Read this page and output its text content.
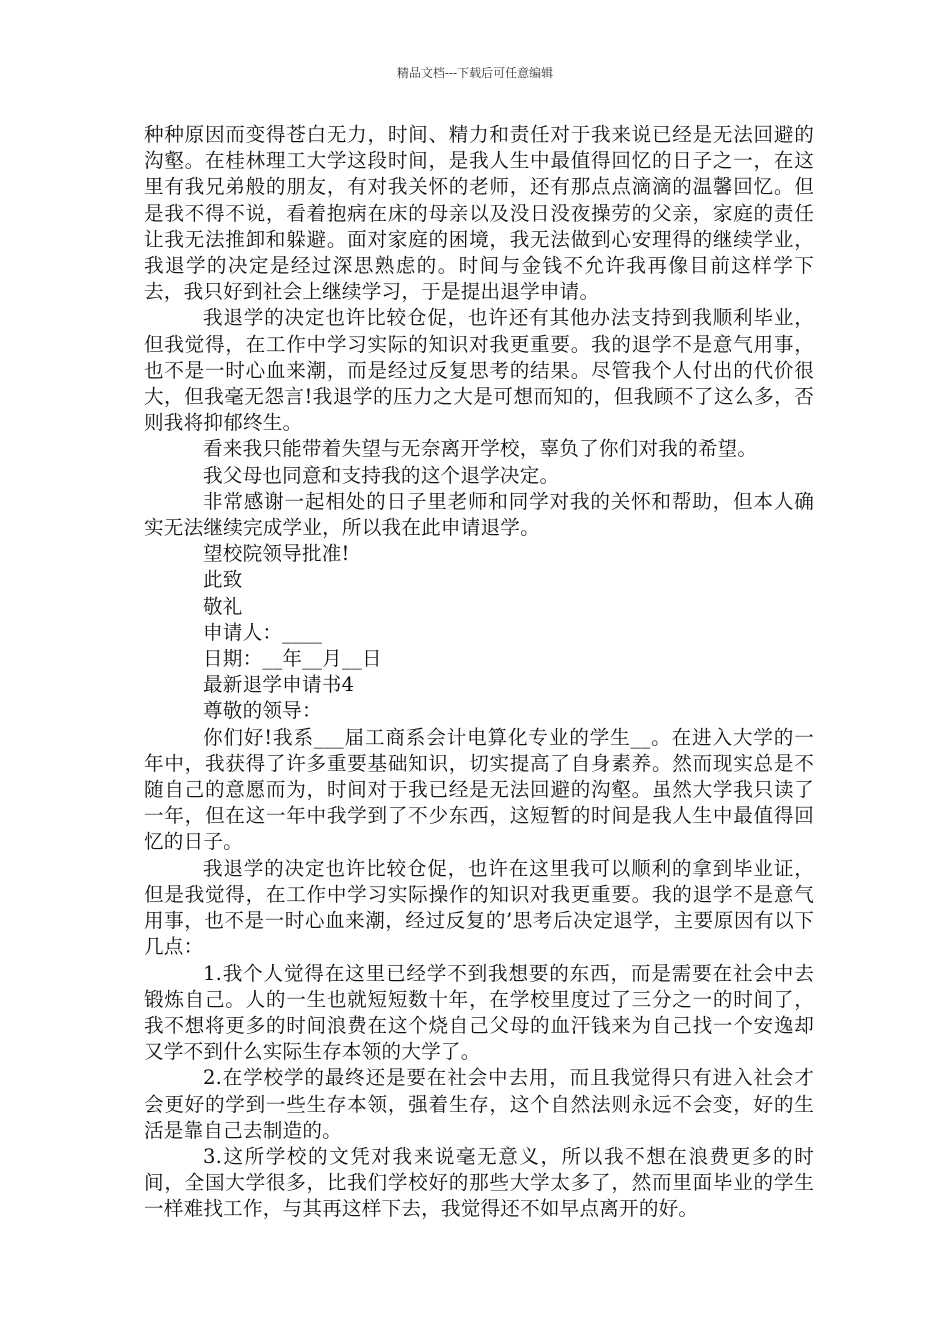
精品文档---下载后可任意编辑

种种原因而变得苍白无力，时间、精力和责任对于我来说已经是无法回避的沟壑。在桂林理工大学这段时间，是我人生中最值得回忆的日子之一，在这里有我兄弟般的朋友，有对我关怀的老师，还有那点点滴滴的温馨回忆。但是我不得不说，看着抱病在床的母亲以及没日没夜操劳的父亲，家庭的责任让我无法推卸和躲避。面对家庭的困境，我无法做到心安理得的继续学业，我退学的决定是经过深思熟虑的。时间与金钱不允许我再像目前这样学下去，我只好到社会上继续学习，于是提出退学申请。

我退学的决定也许比较仓促，也许还有其他办法支持到我顺利毕业，但我觉得，在工作中学习实际的知识对我更重要。我的退学不是意气用事，也不是一时心血来潮，而是经过反复思考的结果。尽管我个人付出的代价很大，但我毫无怨言!我退学的压力之大是可想而知的，但我顾不了这么多，否则我将抑郁终生。

看来我只能带着失望与无奈离开学校，辜负了你们对我的希望。

我父母也同意和支持我的这个退学决定。

非常感谢一起相处的日子里老师和同学对我的关怀和帮助，但本人确实无法继续完成学业，所以我在此申请退学。

望校院领导批准!

此致

敬礼

申请人：____

日期：__年__月__日

最新退学申请书4

尊敬的领导：

你们好!我系___届工商系会计电算化专业的学生__。在进入大学的一年中，我获得了许多重要基础知识，切实提高了自身素养。然而现实总是不随自己的意愿而为，时间对于我已经是无法回避的沟壑。虽然大学我只读了一年，但在这一年中我学到了不少东西，这短暂的时间是我人生中最值得回忆的日子。

我退学的决定也许比较仓促，也许在这里我可以顺利的拿到毕业证，但是我觉得，在工作中学习实际操作的知识对我更重要。我的退学不是意气用事，也不是一时心血来潮，经过反复的’思考后决定退学，主要原因有以下几点：

1.我个人觉得在这里已经学不到我想要的东西，而是需要在社会中去锻炼自己。人的一生也就短短数十年，在学校里度过了三分之一的时间了，我不想将更多的时间浪费在这个烧自己父母的血汗钱来为自己找一个安逸却又学不到什么实际生存本领的大学了。

2.在学校学的最终还是要在社会中去用，而且我觉得只有进入社会才会更好的学到一些生存本领，强着生存，这个自然法则永远不会变，好的生活是靠自己去制造的。

3.这所学校的文凭对我来说毫无意义，所以我不想在浪费更多的时间，全国大学很多，比我们学校好的那些大学太多了，然而里面毕业的学生一样难找工作，与其再这样下去，我觉得还不如早点离开的好。
